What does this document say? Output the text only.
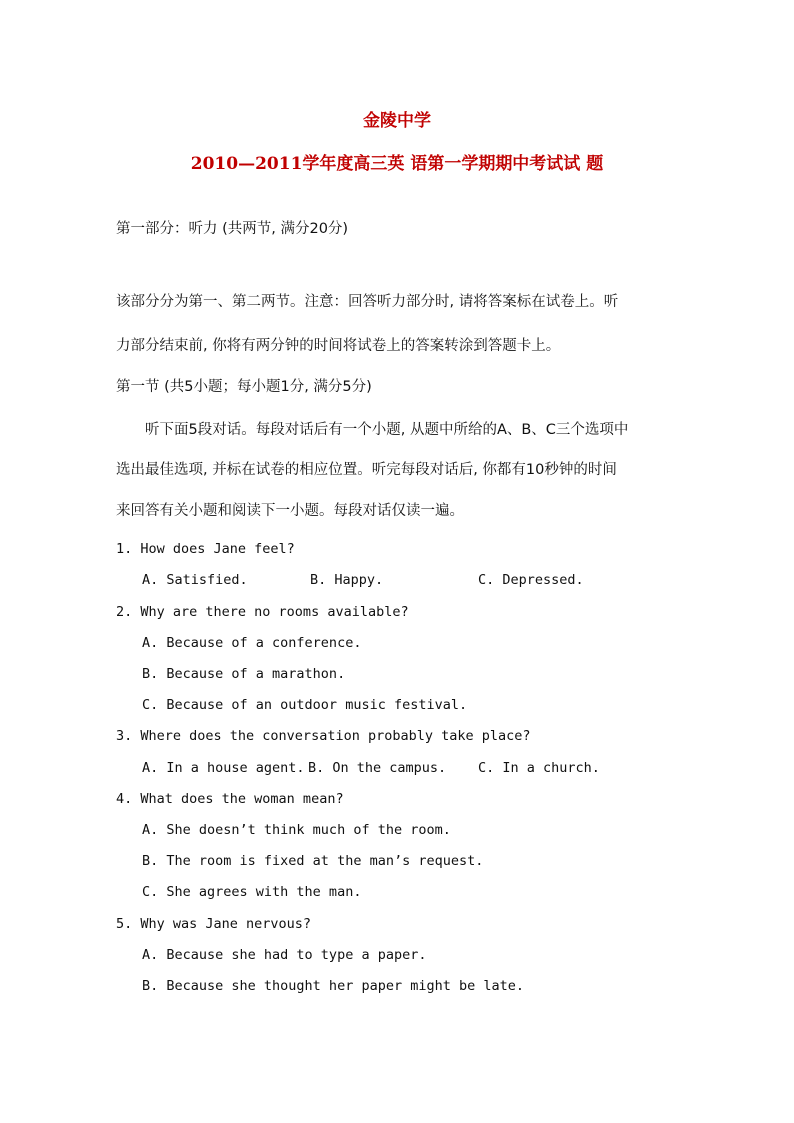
金陵中学
2010—2011学年度高三英 语第一学期期中考试试 题
第一部分：听力 (共两节, 满分20分)
该部分分为第一、第二两节。注意：回答听力部分时, 请将答案标在试卷上。听
力部分结束前, 你将有两分钟的时间将试卷上的答案转涂到答题卡上。
第一节 (共5小题；每小题1分, 满分5分)
听下面5段对话。每段对话后有一个小题, 从题中所给的A、B、C三个选项中
选出最佳选项, 并标在试卷的相应位置。听完每段对话后, 你都有10秒钟的时间
来回答有关小题和阅读下一小题。每段对话仅读一遍。
1. How does Jane feel?
A. Satisfied.	B. Happy.	C. Depressed.
2. Why are there no rooms available?
A. Because of a conference.
B. Because of a marathon.
C. Because of an outdoor music festival.
3. Where does the conversation probably take place?
A. In a house agent. B. On the campus. C. In a church.
4. What does the woman mean?
A. She doesn’t think much of the room.
B. The room is fixed at the man’s request.
C. She agrees with the man.
5. Why was Jane nervous?
A. Because she had to type a paper.
B. Because she thought her paper might be late.
